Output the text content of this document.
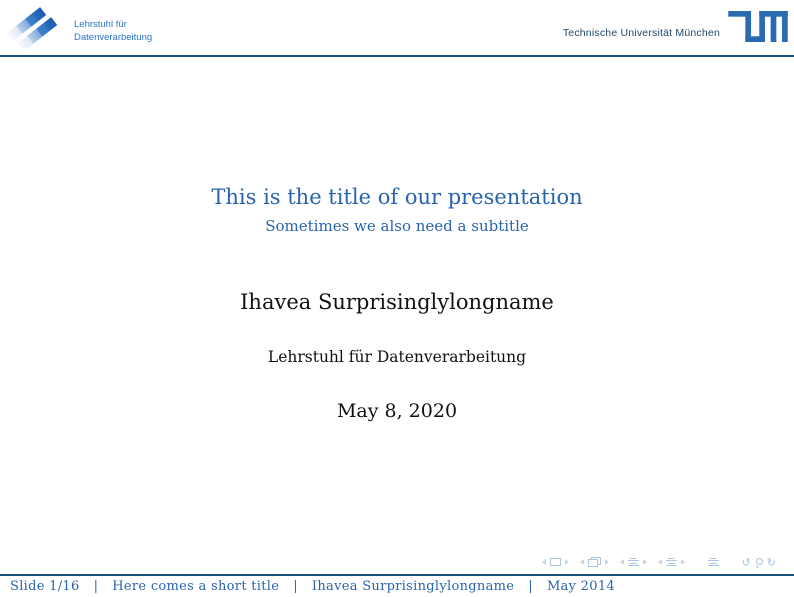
Lehrstuhl für
Datenverarbeitung	Technische Universität München
This is the title of our presentation
Sometimes we also need a subtitle
Ihavea Surprisinglylongname
Lehrstuhl für Datenverarbeitung
May 8, 2020
↺ ↻
Slide 1/16 | Here comes a short title | Ihavea Surprisinglylongname | May 2014
